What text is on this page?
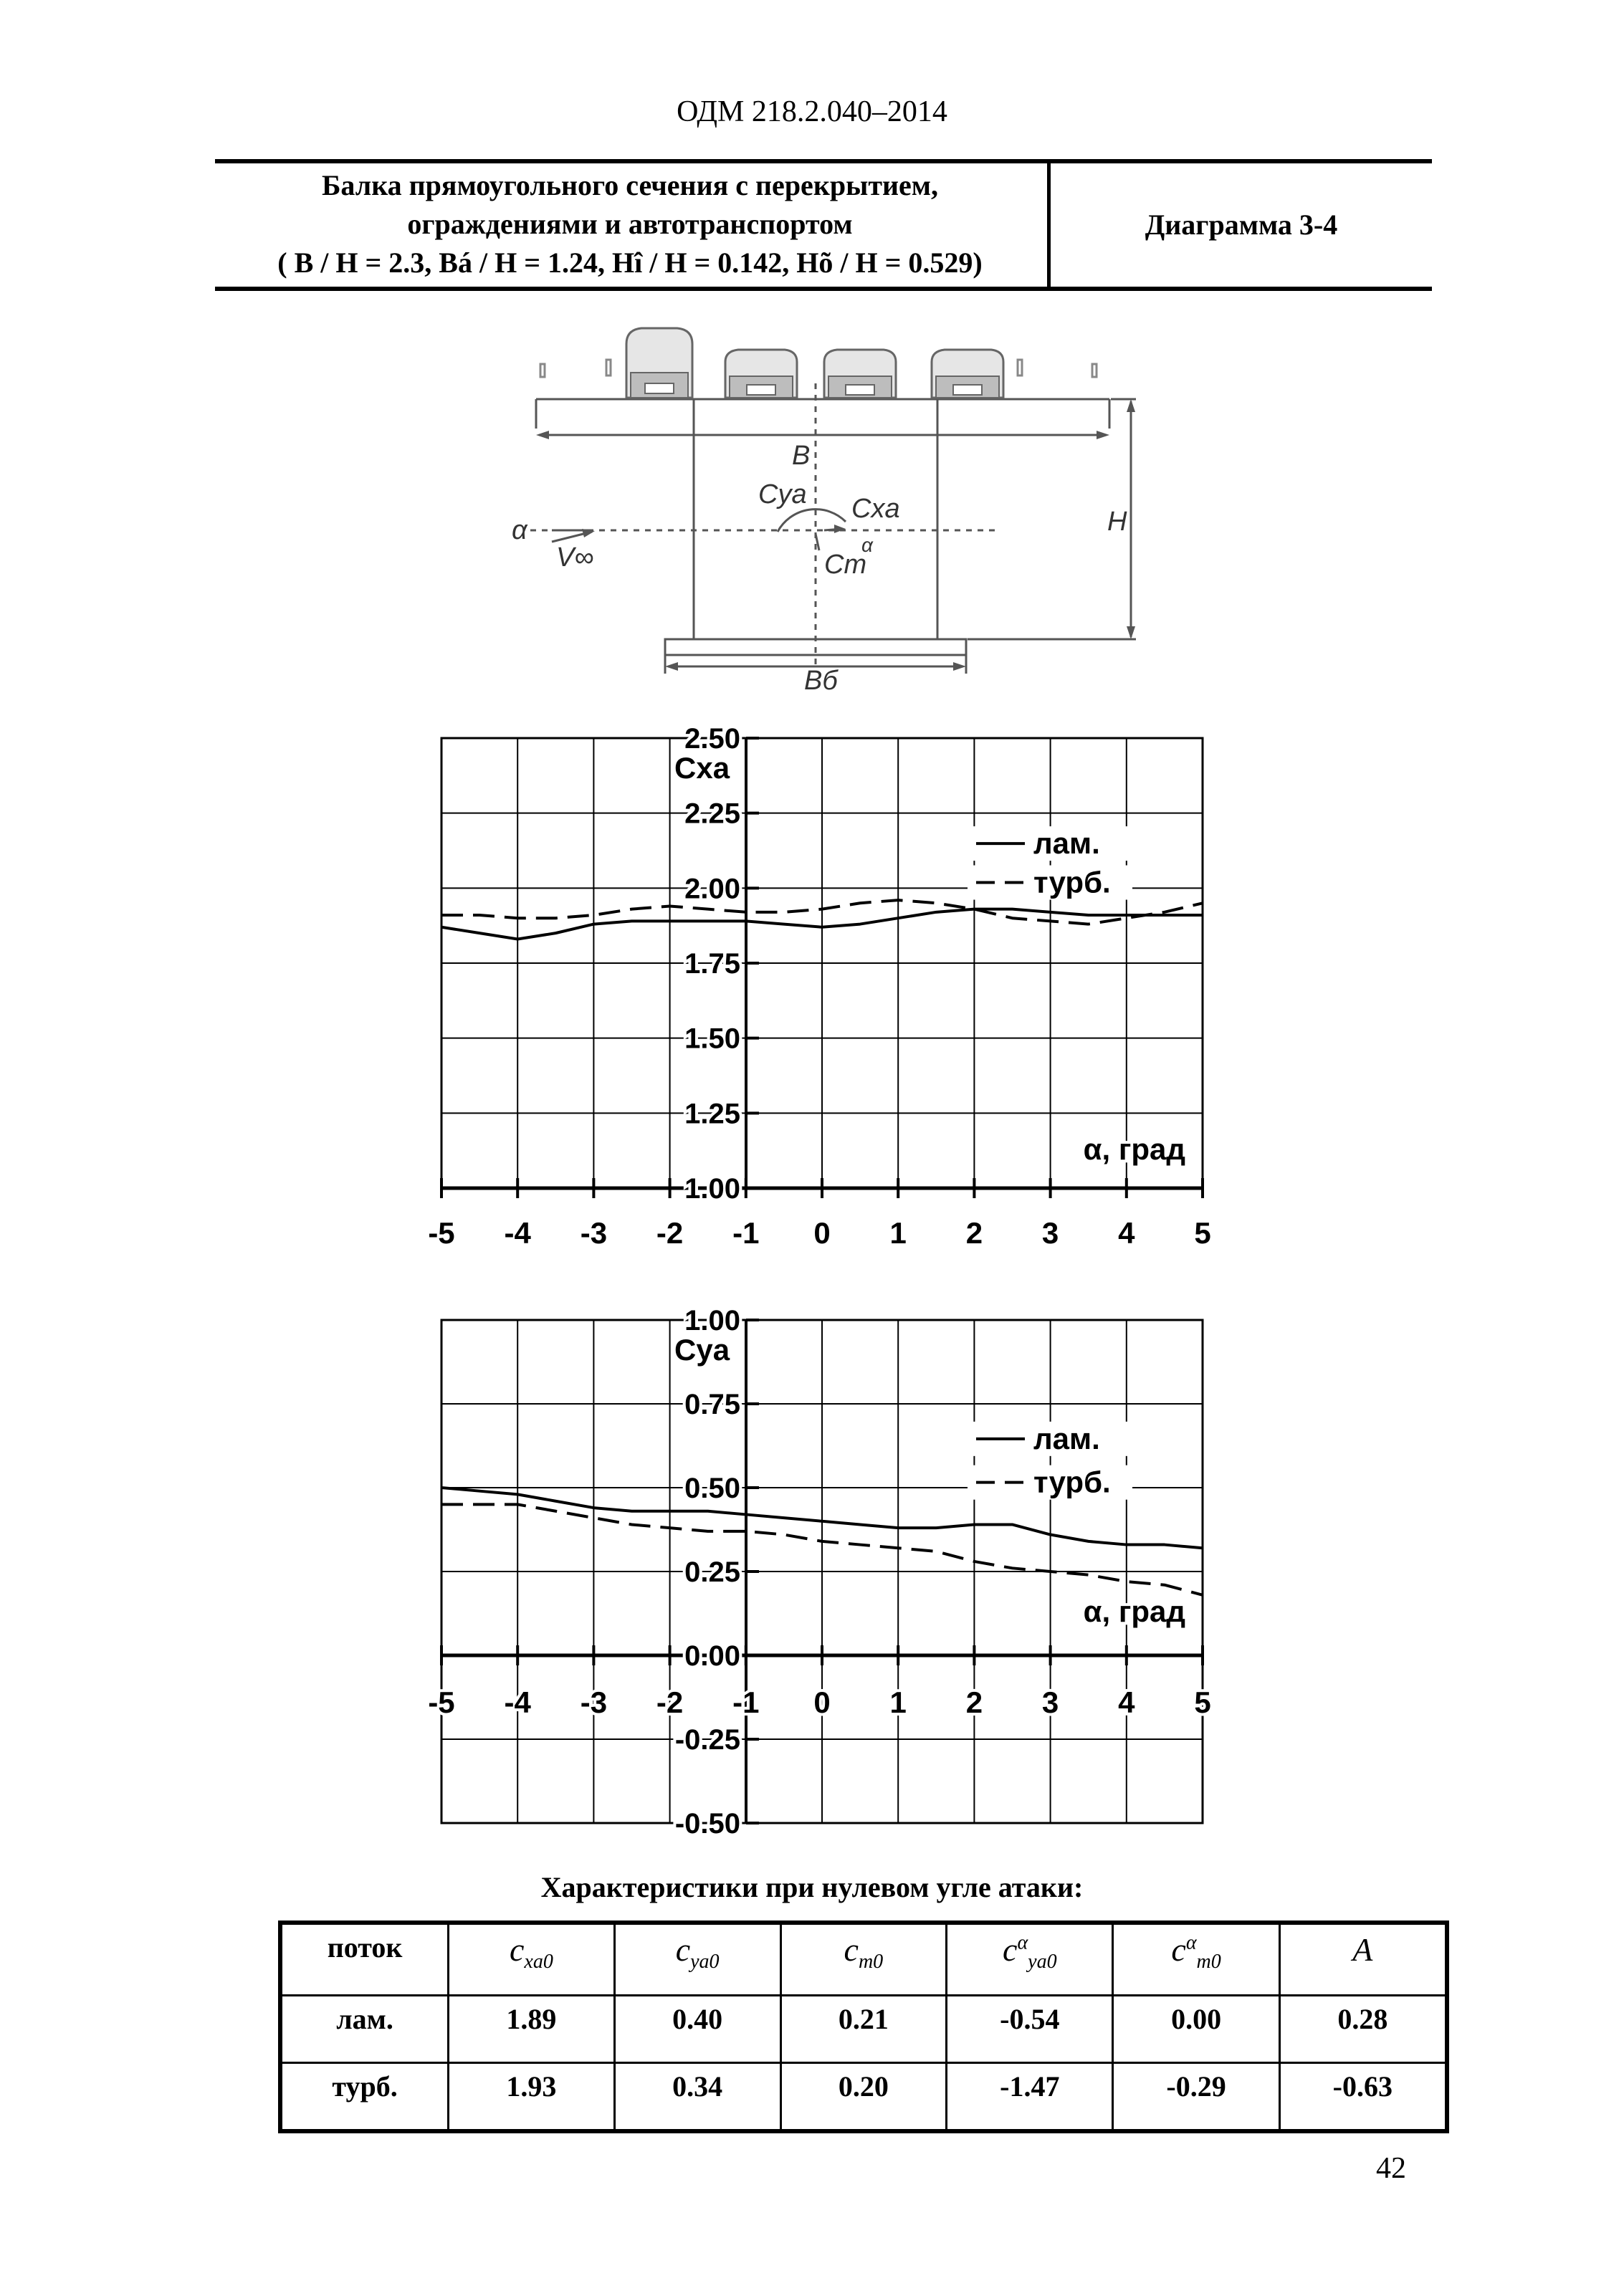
ОДМ 218.2.040–2014
Балка прямоугольного сечения с перекрытием,
ограждениями и автотранспортом
( B / H = 2.3, Bá / H = 1.24, Hî / H = 0.142, Hõ / H = 0.529)
Диаграмма 3-4
B
H
Bб
Cya Cxa
Cm
α	α
V∞
1.00
1.25
1.50
1.75
2.00
2.25
2.50
-5 -4 -3 -2 -1 0 1 2 3 4 5
Cxa
α, град
лам.
турб.
-0.50
-0.25
0.00
0.25
0.50
0.75
1.00
-5 -4 -3 -2 -1 0 1 2 3 4 5
Cya
α, град
лам.
турб.
Характеристики при нулевом угле атаки:
поток	$c_{xa0}$	$c_{ya0}$	$c_{m0}$	$c^\alpha_{ya0}$	$c^\alpha_{m0}$	A
лам.	1.89	0.40	0.21	-0.54	0.00	0.28
турб.	1.93	0.34	0.20	-1.47	-0.29	-0.63
42
